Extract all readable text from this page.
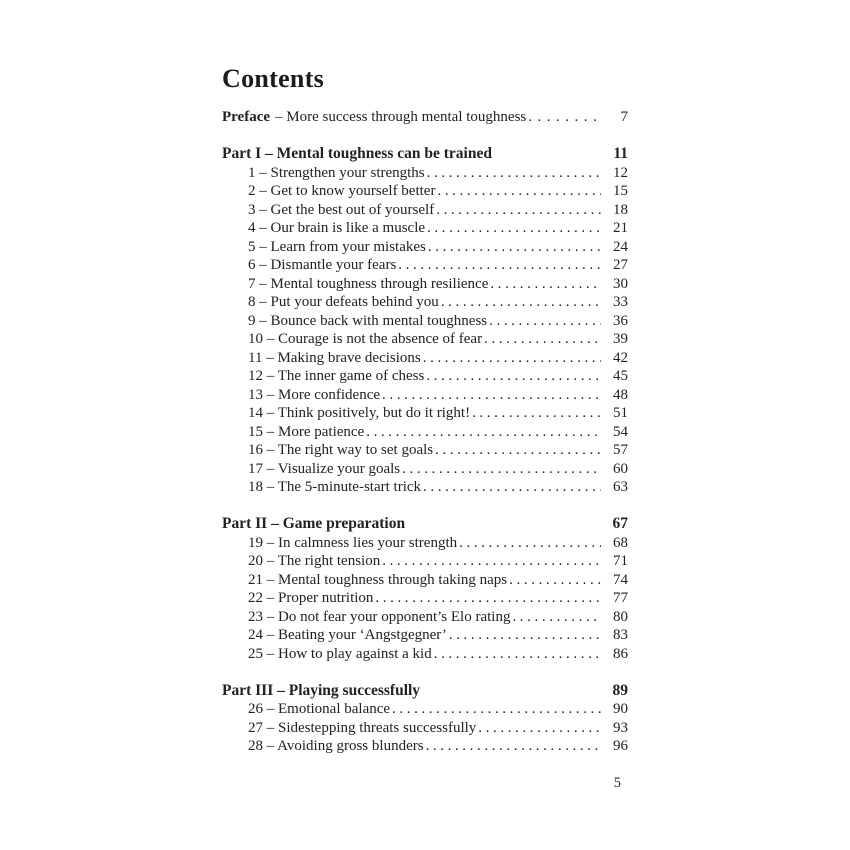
Contents
Preface – More success through mental toughness .....	7
Part I – Mental toughness can be trained	11
1 – Strengthen your strengths .....	12
2 – Get to know yourself better .....	15
3 – Get the best out of yourself .....	18
4 – Our brain is like a muscle .....	21
5 – Learn from your mistakes .....	24
6 – Dismantle your fears .....	27
7 – Mental toughness through resilience .....	30
8 – Put your defeats behind you .....	33
9 – Bounce back with mental toughness .....	36
10 – Courage is not the absence of fear .....	39
11 – Making brave decisions .....	42
12 – The inner game of chess .....	45
13 – More confidence .....	48
14 – Think positively, but do it right! .....	51
15 – More patience .....	54
16 – The right way to set goals .....	57
17 – Visualize your goals .....	60
18 – The 5-minute-start trick .....	63
Part II – Game preparation	67
19 – In calmness lies your strength .....	68
20 – The right tension .....	71
21 – Mental toughness through taking naps .....	74
22 – Proper nutrition .....	77
23 – Do not fear your opponent’s Elo rating .....	80
24 – Beating your ‘Angstgegner’ .....	83
25 – How to play against a kid .....	86
Part III – Playing successfully	89
26 – Emotional balance .....	90
27 – Sidestepping threats successfully .....	93
28 – Avoiding gross blunders .....	96
5
